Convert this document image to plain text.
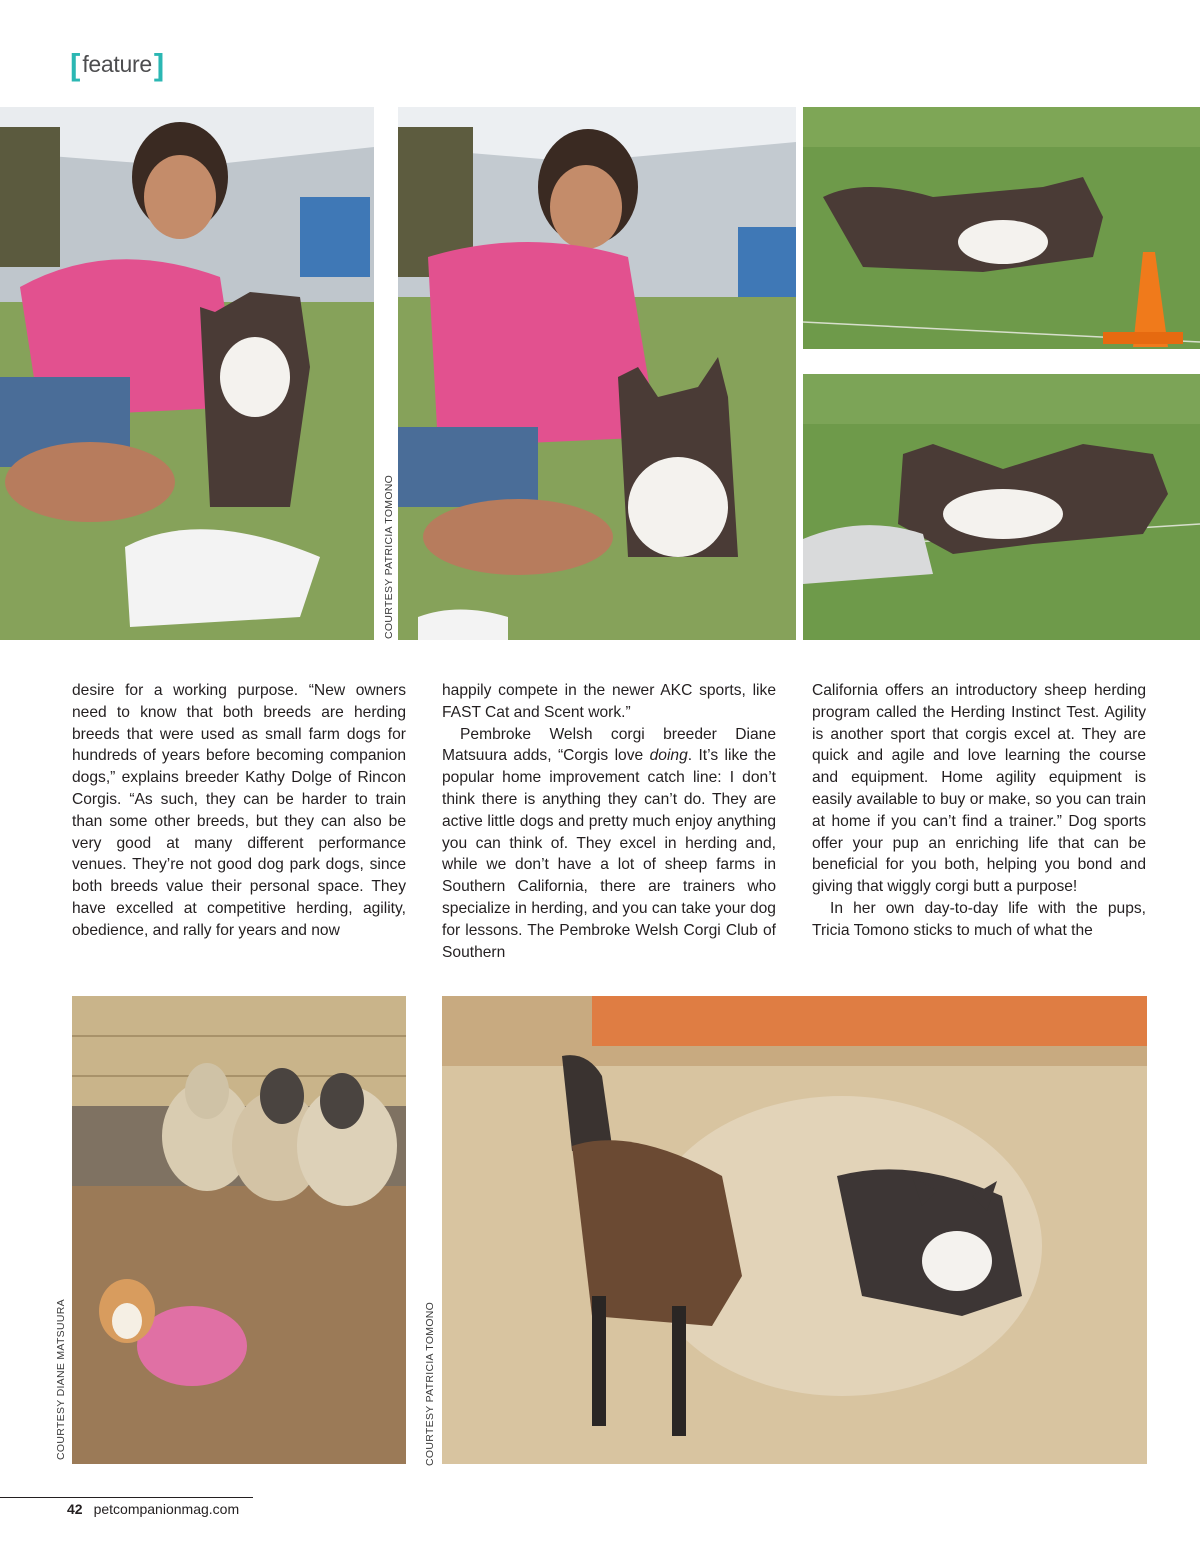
[ feature ]
COURTESY PATRICIA TOMONO

desire for a working purpose. “New owners need to know that both breeds are herding breeds that were used as small farm dogs for hundreds of years before becoming companion dogs,” explains breeder Kathy Dolge of Rincon Corgis. “As such, they can be harder to train than some other breeds, but they can also be very good at many different performance venues. They’re not good dog park dogs, since both breeds value their personal space. They have excelled at competitive herding, agility, obedience, and rally for years and now

happily compete in the newer AKC sports, like FAST Cat and Scent work.”

Pembroke Welsh corgi breeder Diane Matsuura adds, “Corgis love doing. It’s like the popular home improvement catch line: I don’t think there is anything they can’t do. They are active little dogs and pretty much enjoy anything you can think of. They excel in herding and, while we don’t have a lot of sheep farms in Southern California, there are trainers who specialize in herding, and you can take your dog for lessons. The Pembroke Welsh Corgi Club of Southern

California offers an introductory sheep herding program called the Herding Instinct Test. Agility is another sport that corgis excel at. They are quick and agile and love learning the course and equipment. Home agility equipment is easily available to buy or make, so you can train at home if you can’t find a trainer.” Dog sports offer your pup an enriching life that can be beneficial for you both, helping you bond and giving that wiggly corgi butt a purpose!

In her own day-to-day life with the pups, Tricia Tomono sticks to much of what the

COURTESY DIANE MATSUURA	COURTESY PATRICIA TOMONO
42 petcompanionmag.com
